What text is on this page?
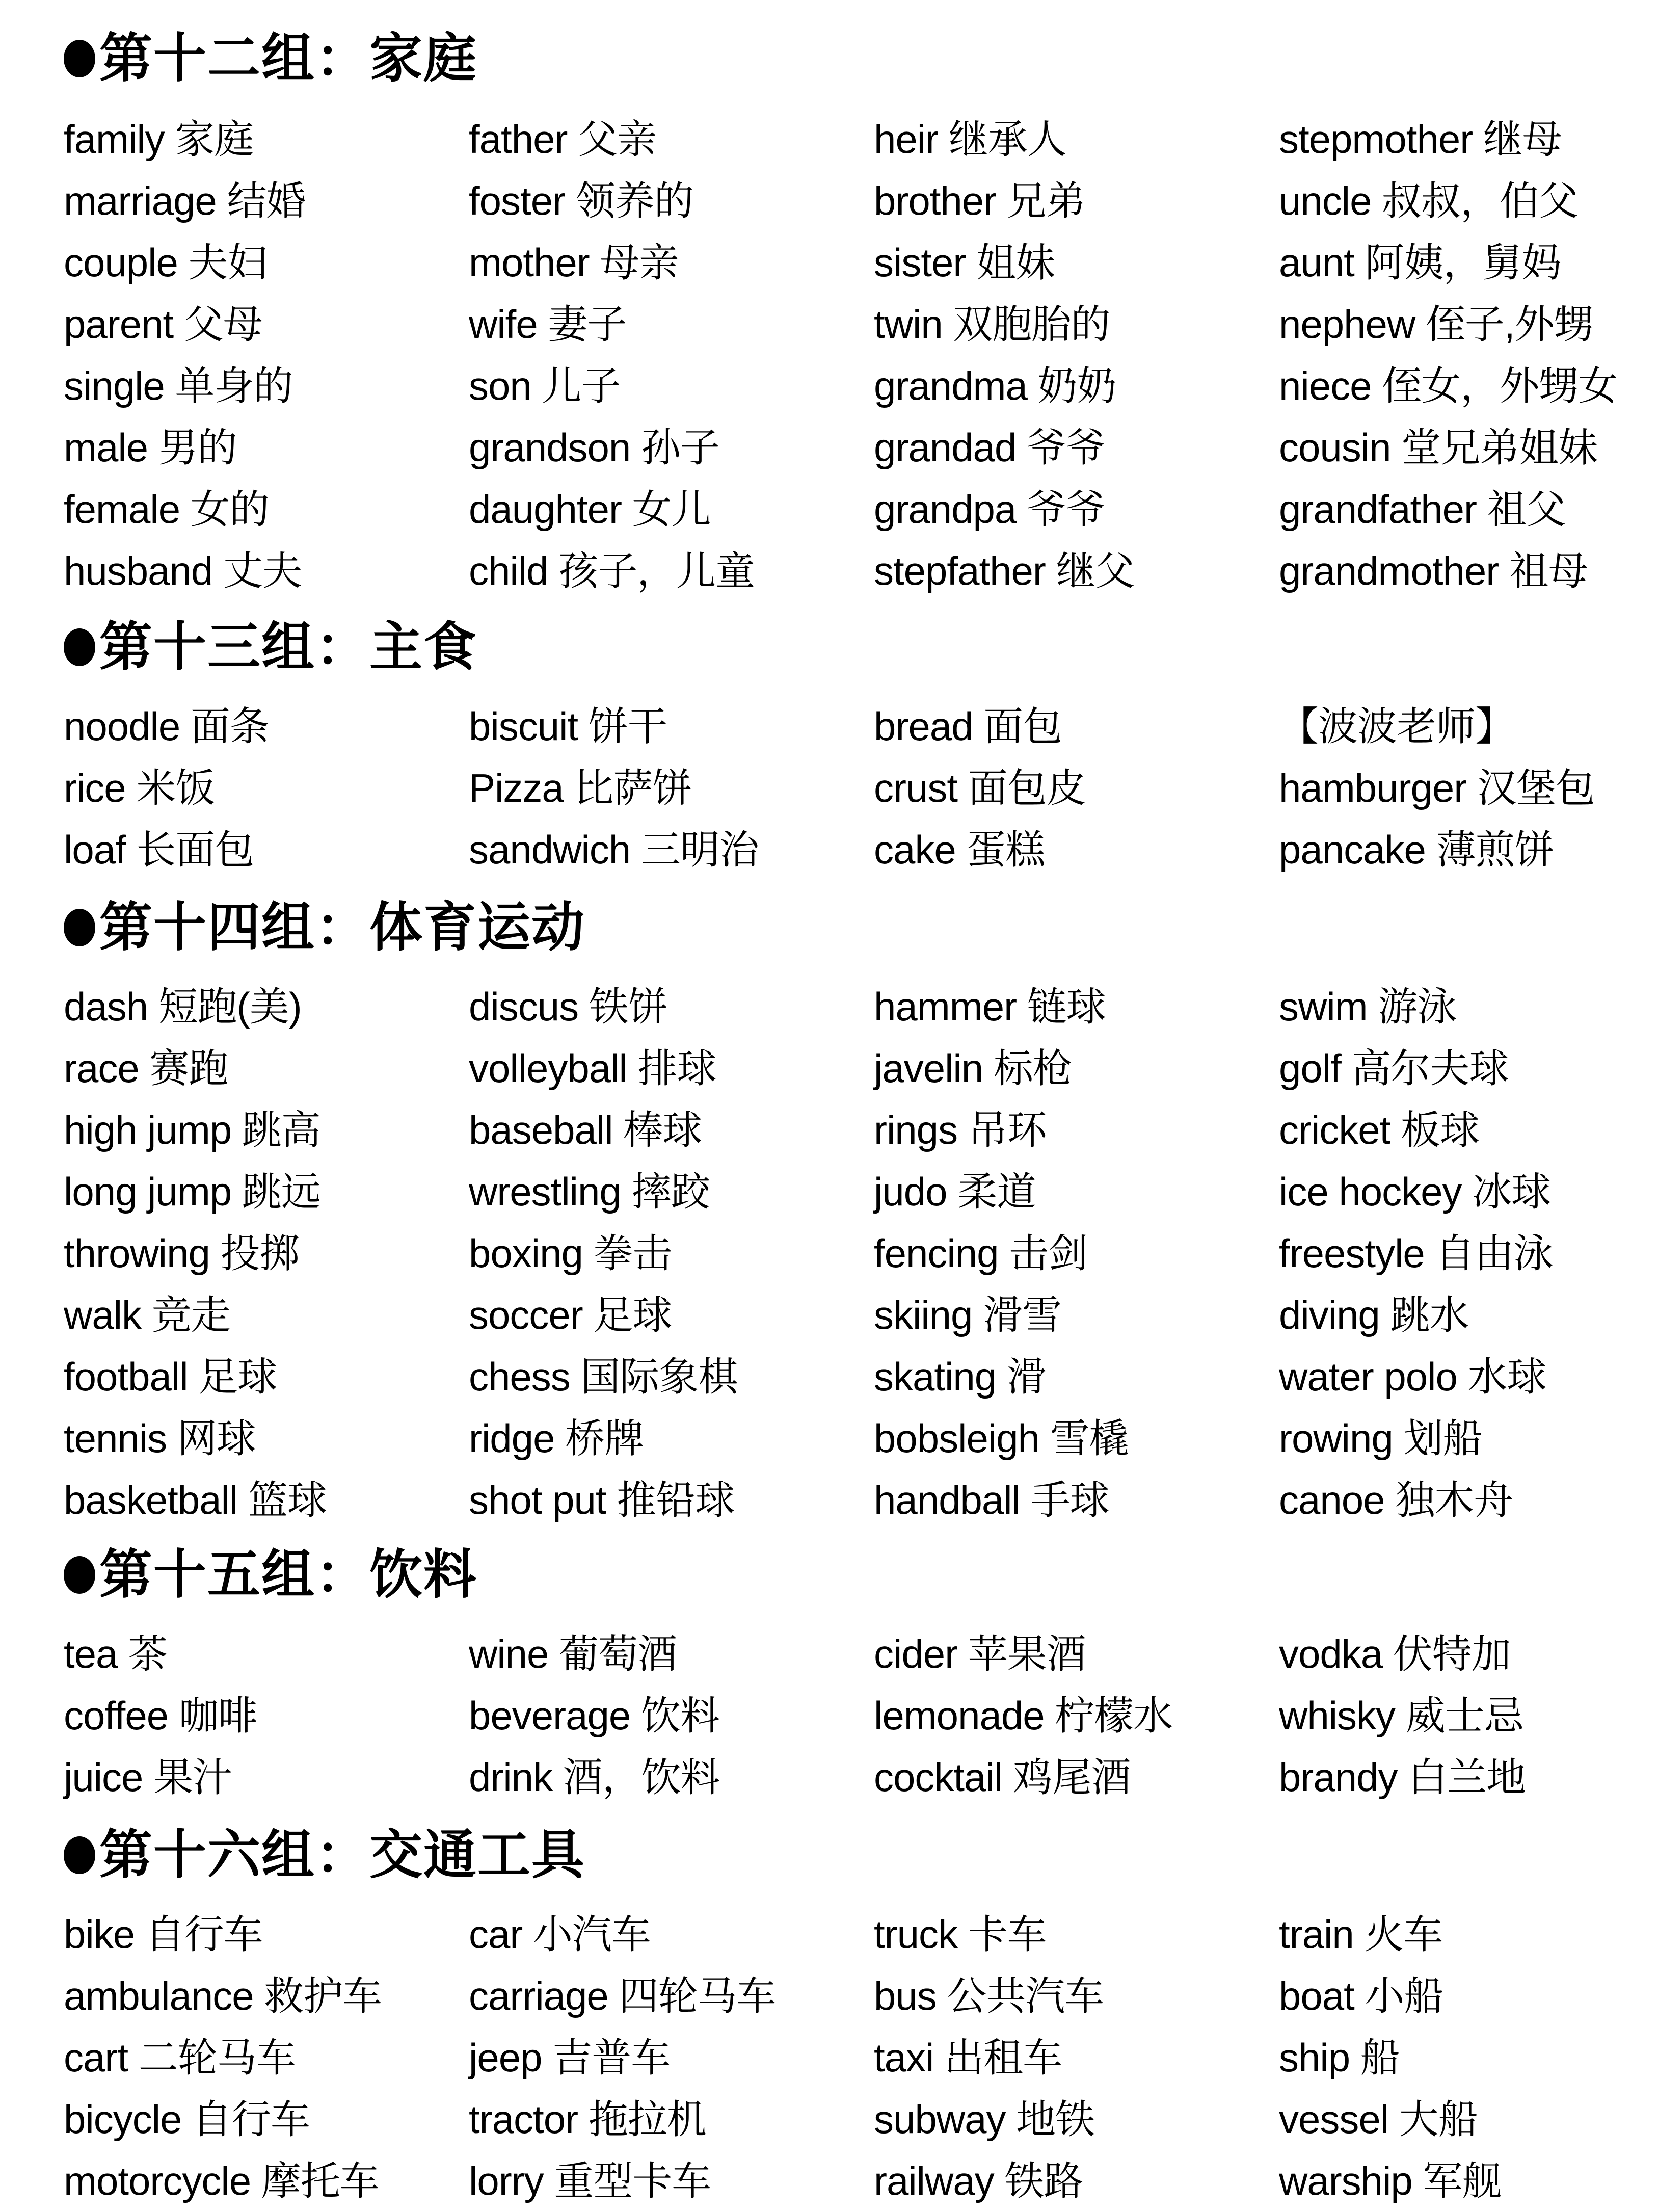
第十二组：家庭
family 家庭
marriage 结婚
couple 夫妇
parent 父母
single 单身的
male 男的
female 女的
husband 丈夫
father 父亲
foster 领养的
mother 母亲
wife 妻子
son 儿子
grandson 孙子
daughter 女儿
child 孩子，儿童
heir 继承人
brother 兄弟
sister 姐妹
twin 双胞胎的
grandma 奶奶
grandad 爷爷
grandpa 爷爷
stepfather 继父
stepmother 继母
uncle 叔叔，伯父
aunt 阿姨，舅妈
nephew 侄子,外甥
niece 侄女，外甥女
cousin 堂兄弟姐妹
grandfather 祖父
grandmother 祖母
第十三组：主食
noodle 面条
rice 米饭
loaf 长面包
biscuit 饼干
Pizza 比萨饼
sandwich 三明治
bread 面包
crust 面包皮
cake 蛋糕
【波波老师】
hamburger 汉堡包
pancake 薄煎饼
第十四组：体育运动
dash 短跑(美)
race 赛跑
high jump 跳高
long jump 跳远
throwing 投掷
walk 竞走
football 足球
tennis 网球
basketball 篮球
discus 铁饼
volleyball 排球
baseball 棒球
wrestling 摔跤
boxing 拳击
soccer 足球
chess 国际象棋
ridge 桥牌
shot put 推铅球
hammer 链球
javelin 标枪
rings 吊环
judo 柔道
fencing 击剑
skiing 滑雪
skating 滑
bobsleigh 雪橇
handball 手球
swim 游泳
golf 高尔夫球
cricket 板球
ice hockey 冰球
freestyle 自由泳
diving 跳水
water polo 水球
rowing 划船
canoe 独木舟
第十五组：饮料
tea 茶
coffee 咖啡
juice 果汁
wine 葡萄酒
beverage 饮料
drink 酒，饮料
cider 苹果酒
lemonade 柠檬水
cocktail 鸡尾酒
vodka 伏特加
whisky 威士忌
brandy 白兰地
第十六组：交通工具
bike 自行车
ambulance 救护车
cart 二轮马车
bicycle 自行车
motorcycle 摩托车
car 小汽车
carriage 四轮马车
jeep 吉普车
tractor 拖拉机
lorry 重型卡车
truck 卡车
bus 公共汽车
taxi 出租车
subway 地铁
railway 铁路
train 火车
boat 小船
ship 船
vessel 大船
warship 军舰
